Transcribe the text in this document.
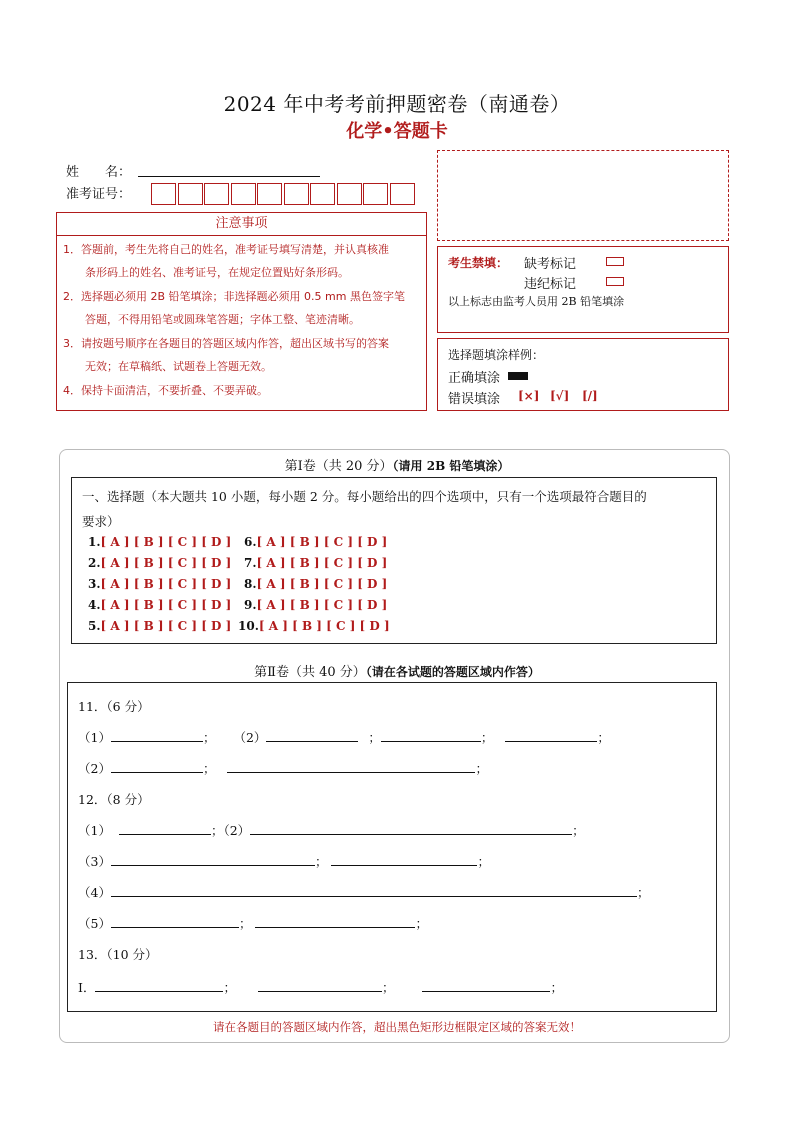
2024 年中考考前押题密卷（南通卷）
化学•答题卡
姓　　名：
准考证号：
注意事项
1．答题前，考生先将自己的姓名，准考证号填写清楚，并认真核准
　　条形码上的姓名、准考证号，在规定位置贴好条形码。
2．选择题必须用 2B 铅笔填涂；非选择题必须用 0.5 mm 黑色签字笔
　　答题，不得用铅笔或圆珠笔答题；字体工整、笔迹清晰。
3．请按题号顺序在各题目的答题区域内作答，超出区域书写的答案
　　无效；在草稿纸、试题卷上答题无效。
4．保持卡面清洁，不要折叠、不要弄破。
考生禁填： 缺考标记
违纪标记
以上标志由监考人员用 2B 铅笔填涂
选择题填涂样例：
正确填涂
错误填涂 [×] [√] [/]
第Ⅰ卷（共 20 分）（请用 2B 铅笔填涂）
一、选择题（本大题共 10 小题，每小题 2 分。每小题给出的四个选项中，只有一个选项最符合题目的
要求）
1.[ A ] [ B ] [ C ] [ D ]
2.[ A ] [ B ] [ C ] [ D ]
3.[ A ] [ B ] [ C ] [ D ]
4.[ A ] [ B ] [ C ] [ D ]
5.[ A ] [ B ] [ C ] [ D ]
6.[ A ] [ B ] [ C ] [ D ]
7.[ A ] [ B ] [ C ] [ D ]
8.[ A ] [ B ] [ C ] [ D ]
9.[ A ] [ B ] [ C ] [ D ]
10.[ A ] [ B ] [ C ] [ D ]
第Ⅱ卷（共 40 分）（请在各试题的答题区域内作答）
11．（6 分）
（1）	； （2）	；	；	；
（2）	；	；
12．（8 分）
（1）	；（2）	；
（3）	；	；
（4）	；
（5）	；	；
13．（10 分）
Ⅰ．	；	；	；
请在各题目的答题区域内作答，超出黑色矩形边框限定区域的答案无效！
